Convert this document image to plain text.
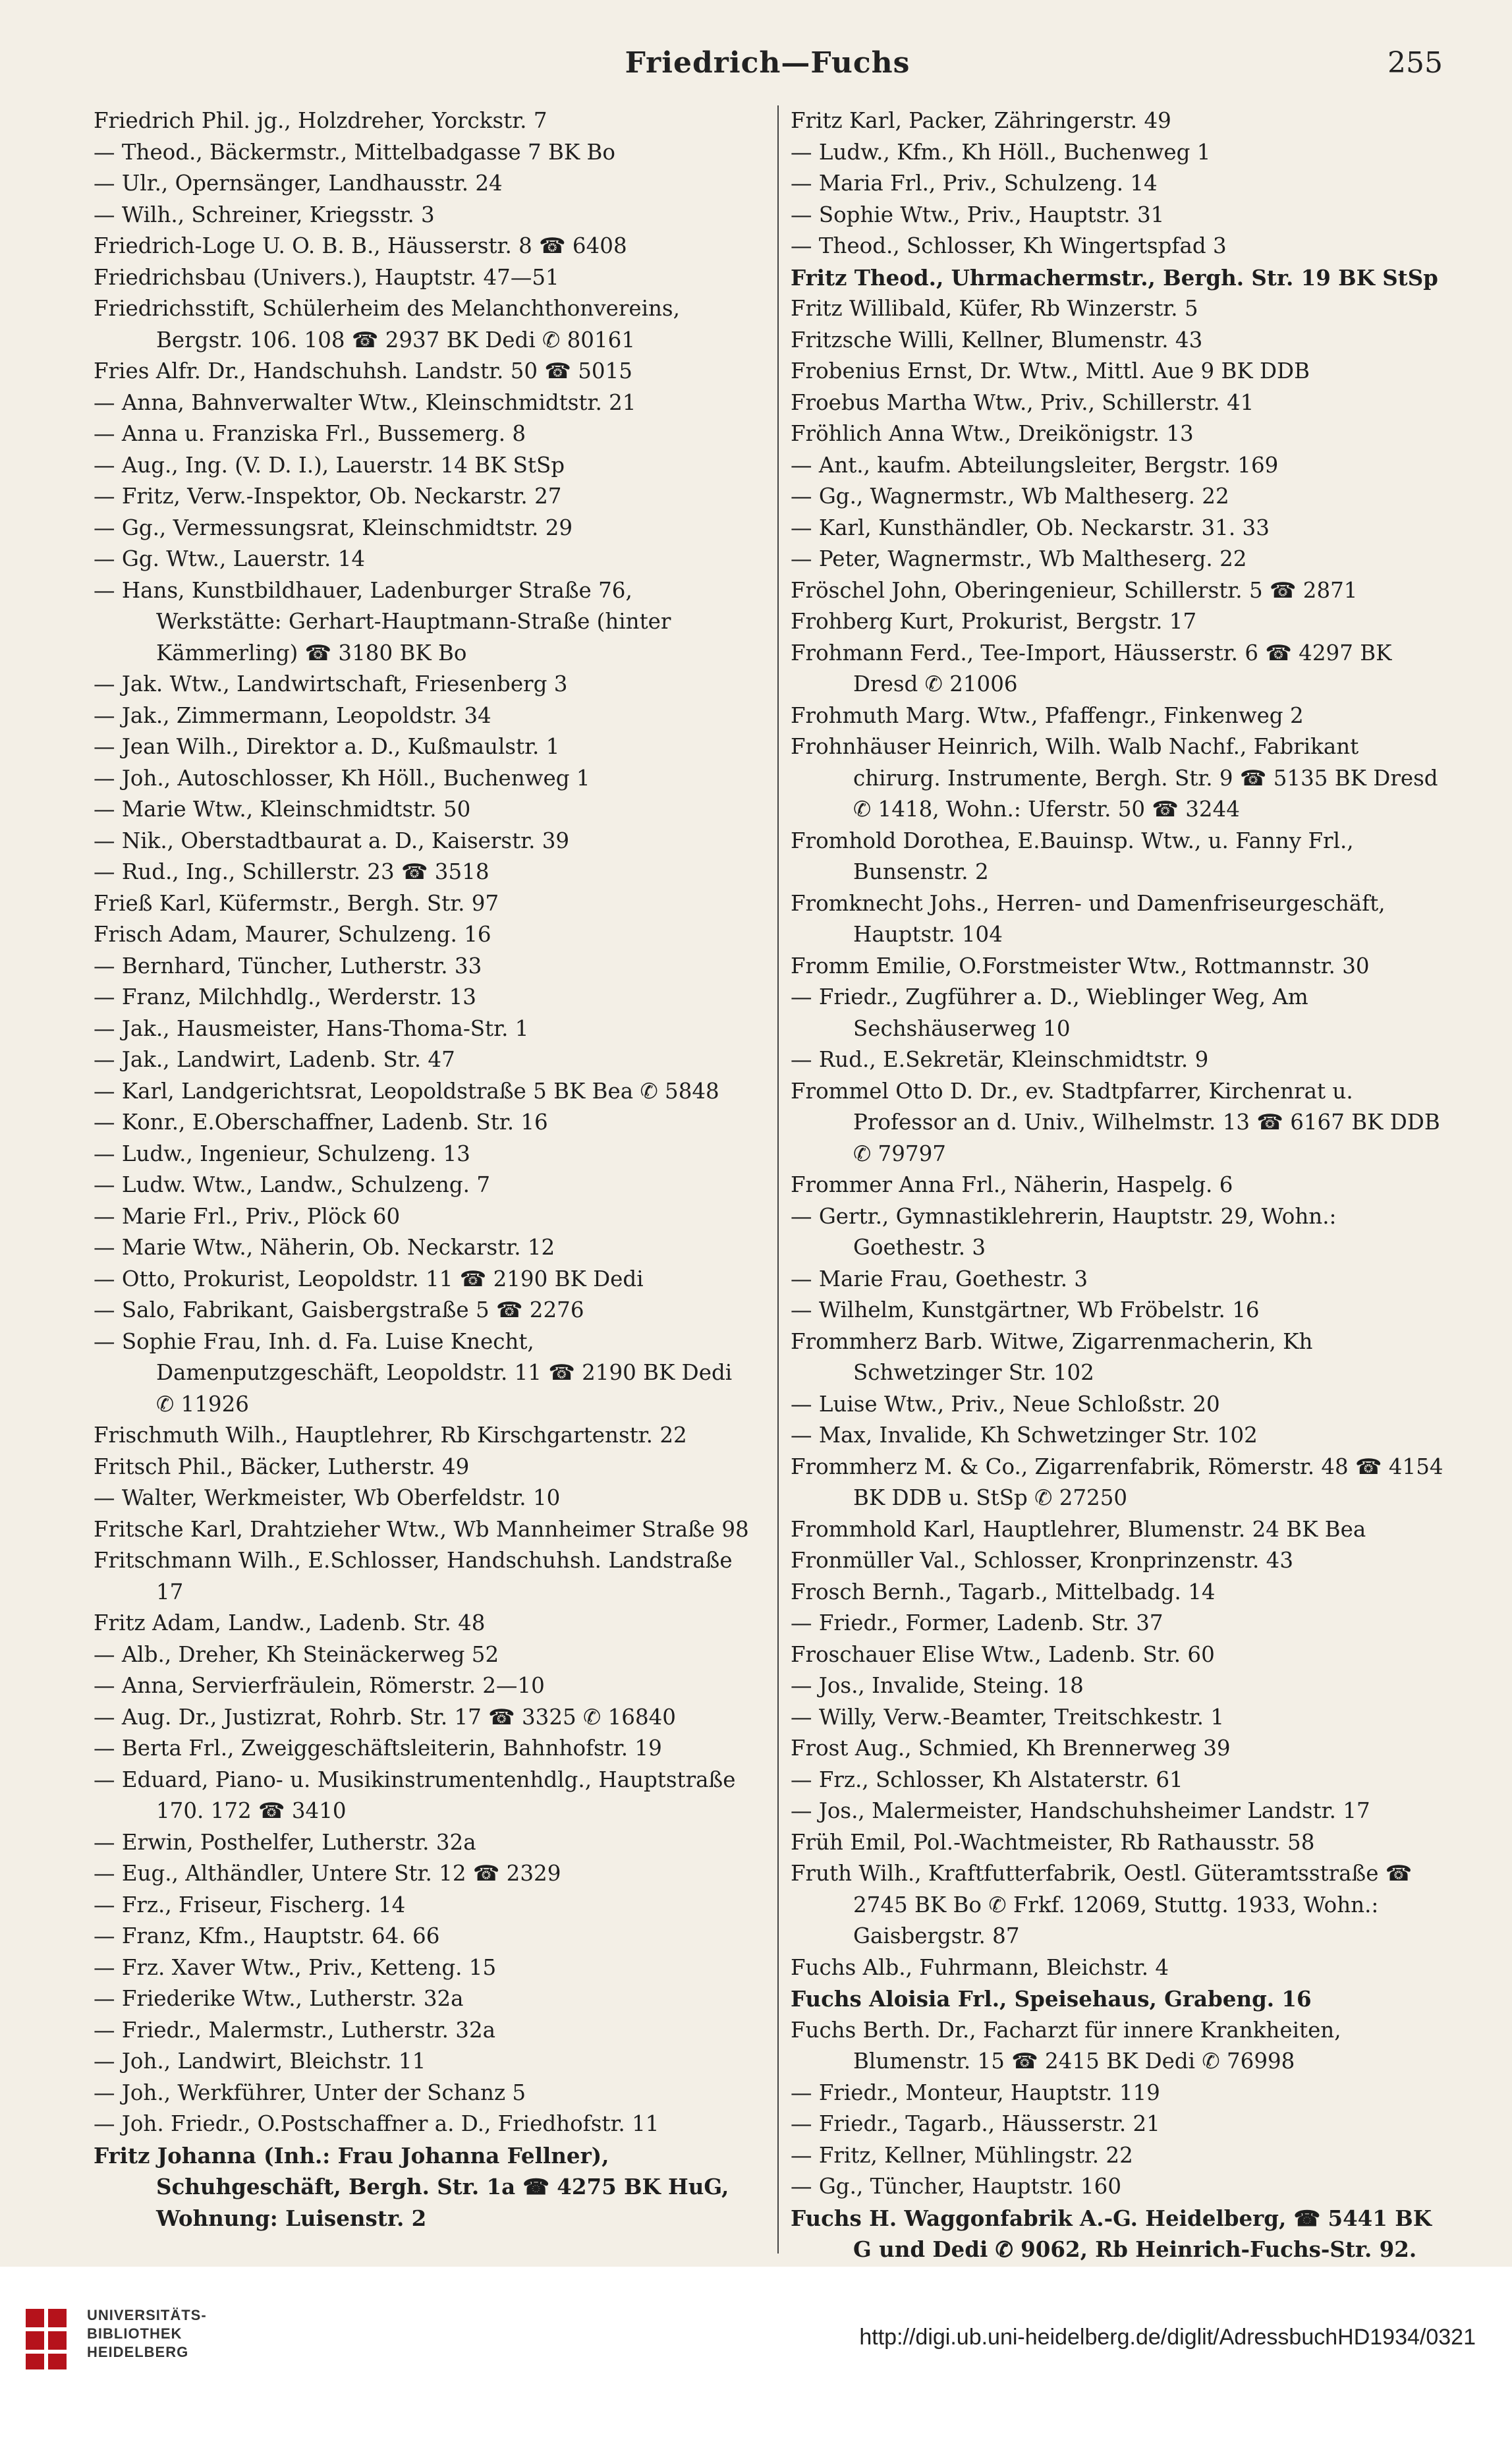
Friedrich—Fuchs	255
Friedrich Phil. jg., Holzdreher, Yorckstr. 7
— Theod., Bäckermstr., Mittelbadgasse 7 BK Bo
— Ulr., Opernsänger, Landhausstr. 24
— Wilh., Schreiner, Kriegsstr. 3
Friedrich-Loge U. O. B. B., Häusserstr. 8 ☎ 6408
Friedrichsbau (Univers.), Hauptstr. 47—51
Friedrichsstift, Schülerheim des Melanchthonvereins, Bergstr. 106. 108 ☎ 2937 BK Dedi ✆ 80161
Fries Alfr. Dr., Handschuhsh. Landstr. 50 ☎ 5015
— Anna, Bahnverwalter Wtw., Kleinschmidtstr. 21
— Anna u. Franziska Frl., Bussemerg. 8
— Aug., Ing. (V. D. I.), Lauerstr. 14 BK StSp
— Fritz, Verw.-Inspektor, Ob. Neckarstr. 27
— Gg., Vermessungsrat, Kleinschmidtstr. 29
— Gg. Wtw., Lauerstr. 14
— Hans, Kunstbildhauer, Ladenburger Straße 76, Werkstätte: Gerhart-Hauptmann-Straße (hinter Kämmerling) ☎ 3180 BK Bo
— Jak. Wtw., Landwirtschaft, Friesenberg 3
— Jak., Zimmermann, Leopoldstr. 34
— Jean Wilh., Direktor a. D., Kußmaulstr. 1
— Joh., Autoschlosser, Kh Höll., Buchenweg 1
— Marie Wtw., Kleinschmidtstr. 50
— Nik., Oberstadtbaurat a. D., Kaiserstr. 39
— Rud., Ing., Schillerstr. 23 ☎ 3518
Frieß Karl, Küfermstr., Bergh. Str. 97
Frisch Adam, Maurer, Schulzeng. 16
— Bernhard, Tüncher, Lutherstr. 33
— Franz, Milchhdlg., Werderstr. 13
— Jak., Hausmeister, Hans-Thoma-Str. 1
— Jak., Landwirt, Ladenb. Str. 47
— Karl, Landgerichtsrat, Leopoldstraße 5 BK Bea ✆ 5848
— Konr., E.Oberschaffner, Ladenb. Str. 16
— Ludw., Ingenieur, Schulzeng. 13
— Ludw. Wtw., Landw., Schulzeng. 7
— Marie Frl., Priv., Plöck 60
— Marie Wtw., Näherin, Ob. Neckarstr. 12
— Otto, Prokurist, Leopoldstr. 11 ☎ 2190 BK Dedi
— Salo, Fabrikant, Gaisbergstraße 5 ☎ 2276
— Sophie Frau, Inh. d. Fa. Luise Knecht, Damenputzgeschäft, Leopoldstr. 11 ☎ 2190 BK Dedi ✆ 11926
Frischmuth Wilh., Hauptlehrer, Rb Kirschgartenstr. 22
Fritsch Phil., Bäcker, Lutherstr. 49
— Walter, Werkmeister, Wb Oberfeldstr. 10
Fritsche Karl, Drahtzieher Wtw., Wb Mannheimer Straße 98
Fritschmann Wilh., E.Schlosser, Handschuhsh. Landstraße 17
Fritz Adam, Landw., Ladenb. Str. 48
— Alb., Dreher, Kh Steinäckerweg 52
— Anna, Servierfräulein, Römerstr. 2—10
— Aug. Dr., Justizrat, Rohrb. Str. 17 ☎ 3325 ✆ 16840
— Berta Frl., Zweiggeschäftsleiterin, Bahnhofstr. 19
— Eduard, Piano- u. Musikinstrumentenhdlg., Hauptstraße 170. 172 ☎ 3410
— Erwin, Posthelfer, Lutherstr. 32a
— Eug., Althändler, Untere Str. 12 ☎ 2329
— Frz., Friseur, Fischerg. 14
— Franz, Kfm., Hauptstr. 64. 66
— Frz. Xaver Wtw., Priv., Ketteng. 15
— Friederike Wtw., Lutherstr. 32a
— Friedr., Malermstr., Lutherstr. 32a
— Joh., Landwirt, Bleichstr. 11
— Joh., Werkführer, Unter der Schanz 5
— Joh. Friedr., O.Postschaffner a. D., Friedhofstr. 11
Fritz Johanna (Inh.: Frau Johanna Fellner), Schuhgeschäft, Bergh. Str. 1a ☎ 4275 BK HuG, Wohnung: Luisenstr. 2
Fritz Karl, Packer, Zähringerstr. 49
— Ludw., Kfm., Kh Höll., Buchenweg 1
— Maria Frl., Priv., Schulzeng. 14
— Sophie Wtw., Priv., Hauptstr. 31
— Theod., Schlosser, Kh Wingertspfad 3
Fritz Theod., Uhrmachermstr., Bergh. Str. 19 BK StSp
Fritz Willibald, Küfer, Rb Winzerstr. 5
Fritzsche Willi, Kellner, Blumenstr. 43
Frobenius Ernst, Dr. Wtw., Mittl. Aue 9 BK DDB
Froebus Martha Wtw., Priv., Schillerstr. 41
Fröhlich Anna Wtw., Dreikönigstr. 13
— Ant., kaufm. Abteilungsleiter, Bergstr. 169
— Gg., Wagnermstr., Wb Maltheserg. 22
— Karl, Kunsthändler, Ob. Neckarstr. 31. 33
— Peter, Wagnermstr., Wb Maltheserg. 22
Fröschel John, Oberingenieur, Schillerstr. 5 ☎ 2871
Frohberg Kurt, Prokurist, Bergstr. 17
Frohmann Ferd., Tee-Import, Häusserstr. 6 ☎ 4297 BK Dresd ✆ 21006
Frohmuth Marg. Wtw., Pfaffengr., Finkenweg 2
Frohnhäuser Heinrich, Wilh. Walb Nachf., Fabrikant chirurg. Instrumente, Bergh. Str. 9 ☎ 5135 BK Dresd ✆ 1418, Wohn.: Uferstr. 50 ☎ 3244
Fromhold Dorothea, E.Bauinsp. Wtw., u. Fanny Frl., Bunsenstr. 2
Fromknecht Johs., Herren- und Damenfriseurgeschäft, Hauptstr. 104
Fromm Emilie, O.Forstmeister Wtw., Rottmannstr. 30
— Friedr., Zugführer a. D., Wieblinger Weg, Am Sechshäuserweg 10
— Rud., E.Sekretär, Kleinschmidtstr. 9
Frommel Otto D. Dr., ev. Stadtpfarrer, Kirchenrat u. Professor an d. Univ., Wilhelmstr. 13 ☎ 6167 BK DDB ✆ 79797
Frommer Anna Frl., Näherin, Haspelg. 6
— Gertr., Gymnastiklehrerin, Hauptstr. 29, Wohn.: Goethestr. 3
— Marie Frau, Goethestr. 3
— Wilhelm, Kunstgärtner, Wb Fröbelstr. 16
Frommherz Barb. Witwe, Zigarrenmacherin, Kh Schwetzinger Str. 102
— Luise Wtw., Priv., Neue Schloßstr. 20
— Max, Invalide, Kh Schwetzinger Str. 102
Frommherz M. & Co., Zigarrenfabrik, Römerstr. 48 ☎ 4154 BK DDB u. StSp ✆ 27250
Frommhold Karl, Hauptlehrer, Blumenstr. 24 BK Bea
Fronmüller Val., Schlosser, Kronprinzenstr. 43
Frosch Bernh., Tagarb., Mittelbadg. 14
— Friedr., Former, Ladenb. Str. 37
Froschauer Elise Wtw., Ladenb. Str. 60
— Jos., Invalide, Steing. 18
— Willy, Verw.-Beamter, Treitschkestr. 1
Frost Aug., Schmied, Kh Brennerweg 39
— Frz., Schlosser, Kh Alstaterstr. 61
— Jos., Malermeister, Handschuhsheimer Landstr. 17
Früh Emil, Pol.-Wachtmeister, Rb Rathausstr. 58
Fruth Wilh., Kraftfutterfabrik, Oestl. Güteramtsstraße ☎ 2745 BK Bo ✆ Frkf. 12069, Stuttg. 1933, Wohn.: Gaisbergstr. 87
Fuchs Alb., Fuhrmann, Bleichstr. 4
Fuchs Aloisia Frl., Speisehaus, Grabeng. 16
Fuchs Berth. Dr., Facharzt für innere Krankheiten, Blumenstr. 15 ☎ 2415 BK Dedi ✆ 76998
— Friedr., Monteur, Hauptstr. 119
— Friedr., Tagarb., Häusserstr. 21
— Fritz, Kellner, Mühlingstr. 22
— Gg., Tüncher, Hauptstr. 160
Fuchs H. Waggonfabrik A.-G. Heidelberg, ☎ 5441 BK G und Dedi ✆ 9062, Rb Heinrich-Fuchs-Str. 92.
UNIVERSITÄTS-
BIBLIOTHEK
HEIDELBERG
http://digi.ub.uni-heidelberg.de/diglit/AdressbuchHD1934/0321
